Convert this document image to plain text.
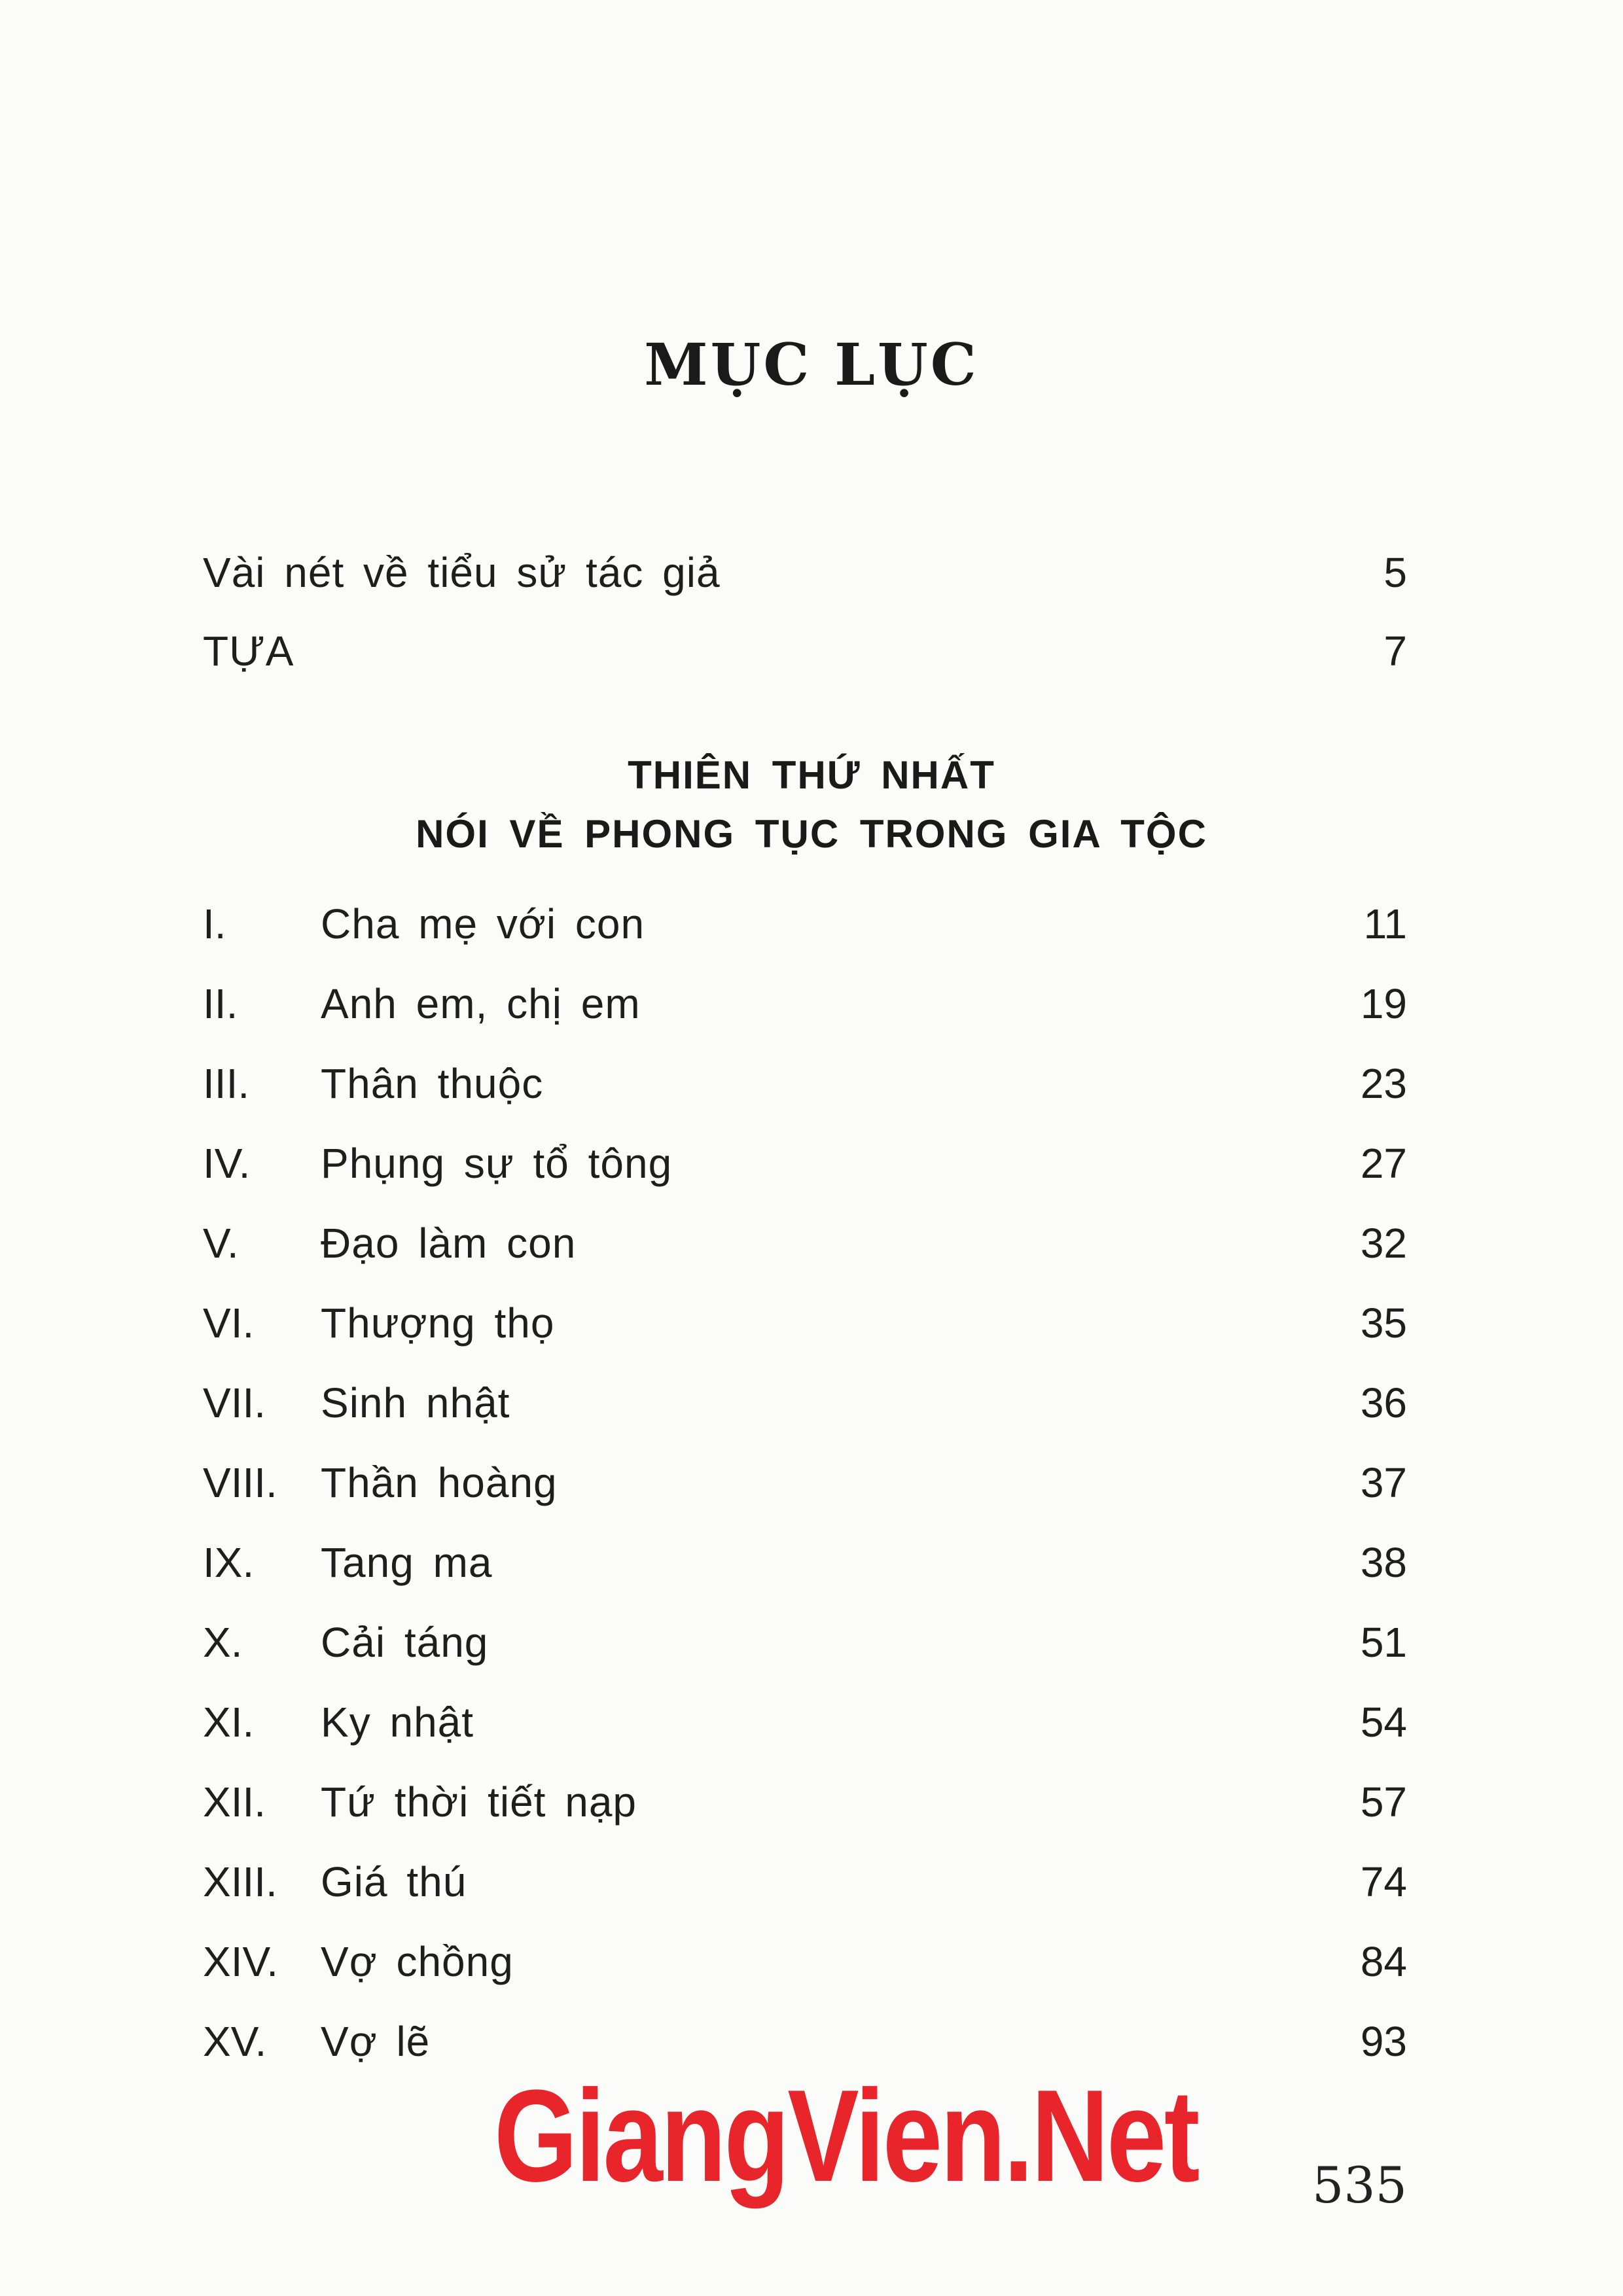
MỤC LỤC
Vài nét về tiểu sử tác giả	5
TỰA	7
THIÊN THỨ NHẤT
NÓI VỀ PHONG TỤC TRONG GIA TỘC
I. Cha mẹ với con	11
II. Anh em, chị em	19
III. Thân thuộc	23
IV. Phụng sự tổ tông	27
V. Đạo làm con	32
VI. Thượng thọ	35
VII. Sinh nhật	36
VIII. Thần hoàng	37
IX. Tang ma	38
X. Cải táng	51
XI. Ky nhật	54
XII. Tứ thời tiết nạp	57
XIII. Giá thú	74
XIV. Vợ chồng	84
XV. Vợ lẽ	93
GiangVien.Net 535
